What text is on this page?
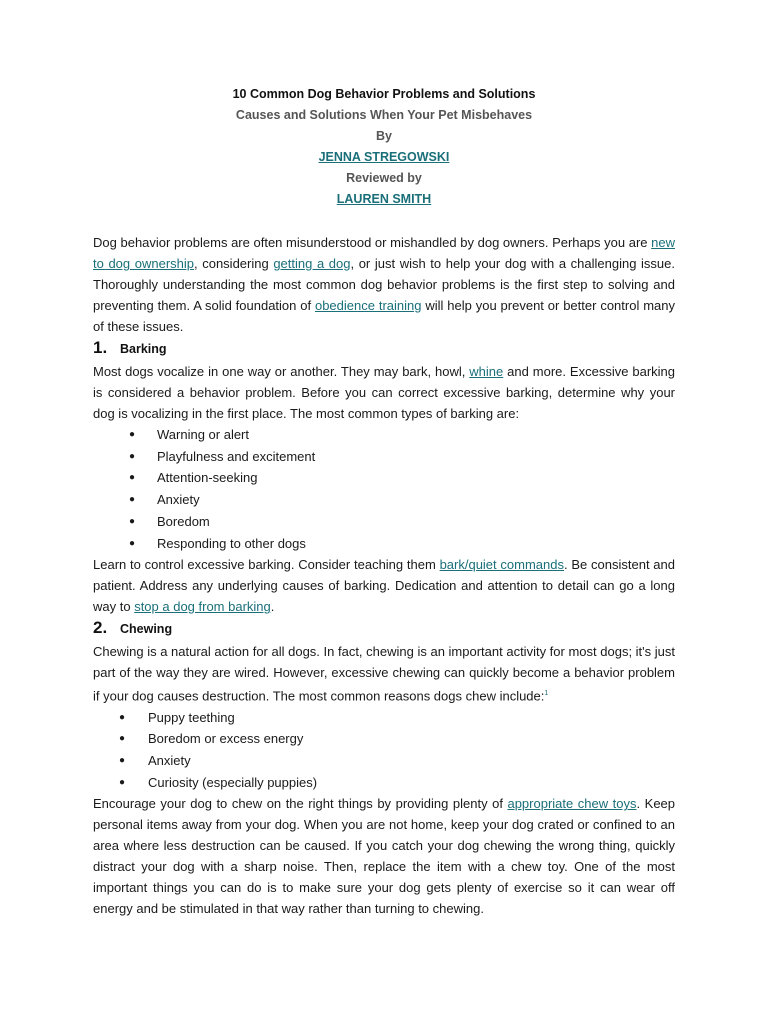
10 Common Dog Behavior Problems and Solutions
Causes and Solutions When Your Pet Misbehaves
By
JENNA STREGOWSKI
Reviewed by
LAUREN SMITH

Dog behavior problems are often misunderstood or mishandled by dog owners. Perhaps you are new to dog ownership, considering getting a dog, or just wish to help your dog with a challenging issue. Thoroughly understanding the most common dog behavior problems is the first step to solving and preventing them. A solid foundation of obedience training will help you prevent or better control many of these issues.

1.	Barking

Most dogs vocalize in one way or another. They may bark, howl, whine and more. Excessive barking is considered a behavior problem. Before you can correct excessive barking, determine why your dog is vocalizing in the first place. The most common types of barking are:

● Warning or alert
● Playfulness and excitement
● Attention-seeking
● Anxiety
● Boredom
● Responding to other dogs

Learn to control excessive barking. Consider teaching them bark/quiet commands. Be consistent and patient. Address any underlying causes of barking. Dedication and attention to detail can go a long way to stop a dog from barking.

2.	Chewing

Chewing is a natural action for all dogs. In fact, chewing is an important activity for most dogs; it's just part of the way they are wired. However, excessive chewing can quickly become a behavior problem if your dog causes destruction. The most common reasons dogs chew include:$^1$

● Puppy teething
● Boredom or excess energy
● Anxiety
● Curiosity (especially puppies)

Encourage your dog to chew on the right things by providing plenty of appropriate chew toys. Keep personal items away from your dog. When you are not home, keep your dog crated or confined to an area where less destruction can be caused. If you catch your dog chewing the wrong thing, quickly distract your dog with a sharp noise. Then, replace the item with a chew toy. One of the most important things you can do is to make sure your dog gets plenty of exercise so it can wear off energy and be stimulated in that way rather than turning to chewing.
